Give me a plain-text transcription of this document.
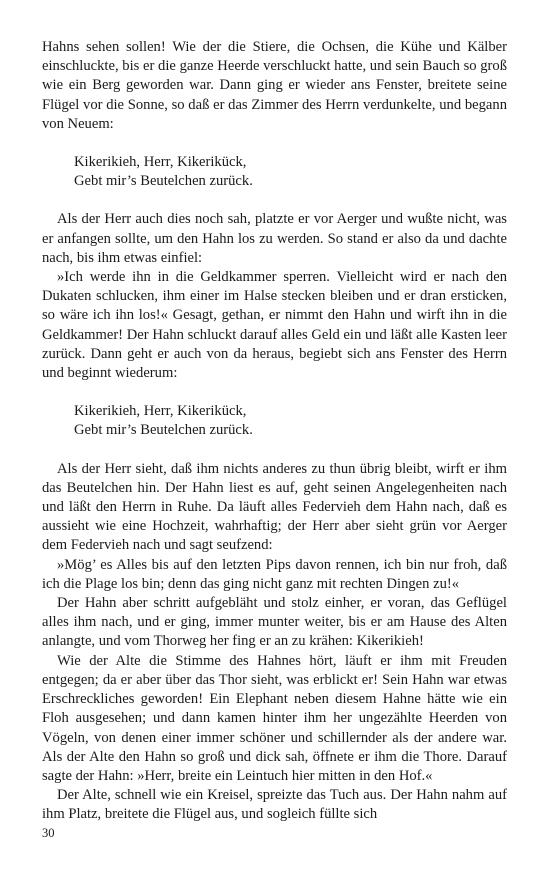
Hahns sehen sollen! Wie der die Stiere, die Ochsen, die Kühe und Kälber einschluckte, bis er die ganze Heerde verschluckt hatte, und sein Bauch so groß wie ein Berg geworden war. Dann ging er wieder ans Fenster, breitete seine Flügel vor die Sonne, so daß er das Zimmer des Herrn verdunkelte, und begann von Neuem:

Kikerikieh, Herr, Kikerikück,
Gebt mir’s Beutelchen zurück.

Als der Herr auch dies noch sah, platzte er vor Aerger und wußte nicht, was er anfangen sollte, um den Hahn los zu werden. So stand er also da und dachte nach, bis ihm etwas einfiel:

»Ich werde ihn in die Geldkammer sperren. Vielleicht wird er nach den Dukaten schlucken, ihm einer im Halse stecken bleiben und er dran ersticken, so wäre ich ihn los!« Gesagt, gethan, er nimmt den Hahn und wirft ihn in die Geldkammer! Der Hahn schluckt darauf alles Geld ein und läßt alle Kasten leer zurück. Dann geht er auch von da heraus, begiebt sich ans Fenster des Herrn und beginnt wiederum:

Kikerikieh, Herr, Kikerikück,
Gebt mir’s Beutelchen zurück.

Als der Herr sieht, daß ihm nichts anderes zu thun übrig bleibt, wirft er ihm das Beutelchen hin. Der Hahn liest es auf, geht seinen Angelegenheiten nach und läßt den Herrn in Ruhe. Da läuft alles Federvieh dem Hahn nach, daß es aussieht wie eine Hochzeit, wahrhaftig; der Herr aber sieht grün vor Aerger dem Federvieh nach und sagt seufzend:

»Mög’ es Alles bis auf den letzten Pips davon rennen, ich bin nur froh, daß ich die Plage los bin; denn das ging nicht ganz mit rechten Dingen zu!«

Der Hahn aber schritt aufgebläht und stolz einher, er voran, das Geflügel alles ihm nach, und er ging, immer munter weiter, bis er am Hause des Alten anlangte, und vom Thorweg her fing er an zu krähen: Kikerikieh!

Wie der Alte die Stimme des Hahnes hört, läuft er ihm mit Freuden entgegen; da er aber über das Thor sieht, was erblickt er! Sein Hahn war etwas Erschreckliches geworden! Ein Elephant neben diesem Hahne hätte wie ein Floh ausgesehen; und dann kamen hinter ihm her ungezählte Heerden von Vögeln, von denen einer immer schöner und schillernder als der andere war. Als der Alte den Hahn so groß und dick sah, öffnete er ihm die Thore. Darauf sagte der Hahn: »Herr, breite ein Leintuch hier mitten in den Hof.«

Der Alte, schnell wie ein Kreisel, spreizte das Tuch aus. Der Hahn nahm auf ihm Platz, breitete die Flügel aus, und sogleich füllte sich

30
